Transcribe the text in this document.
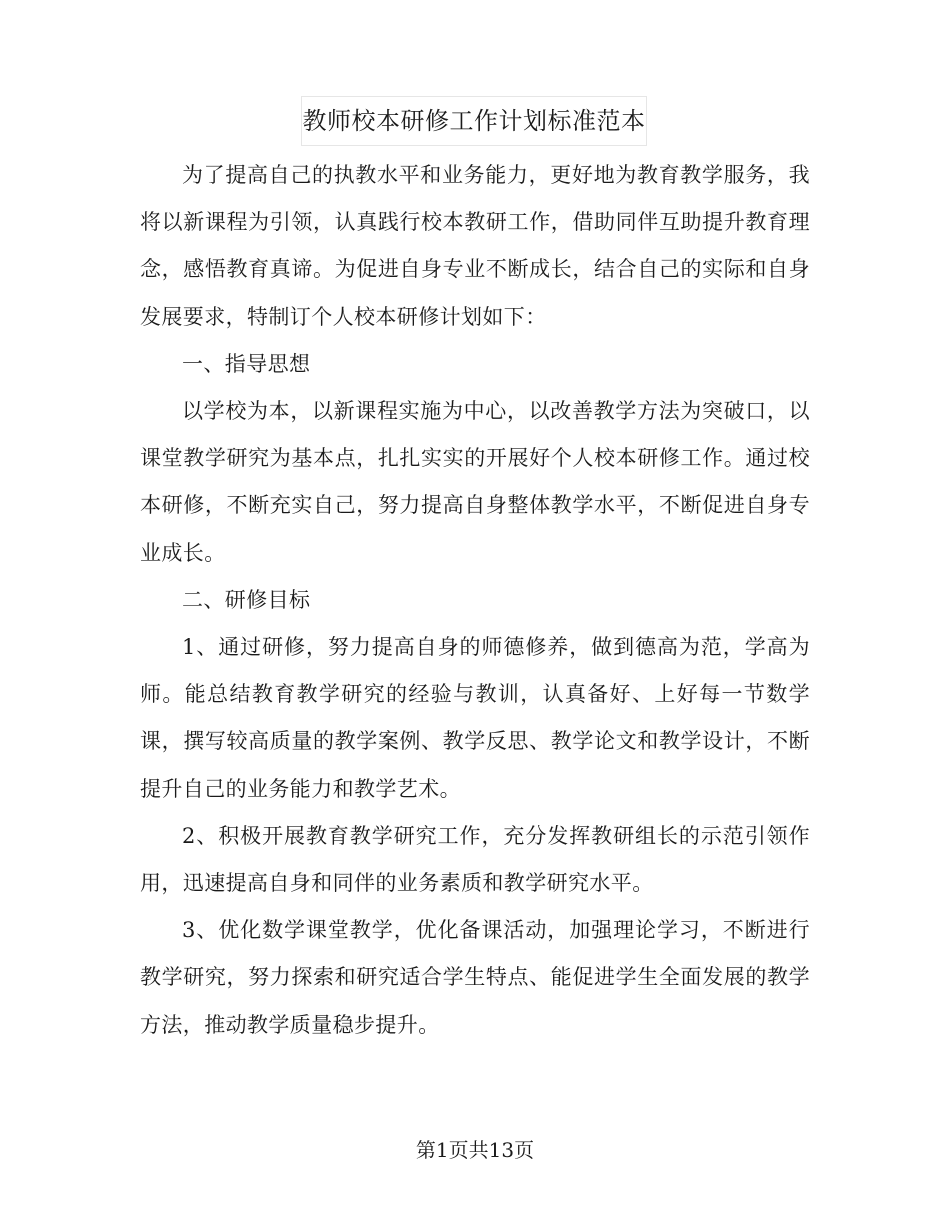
教师校本研修工作计划标准范本

为了提高自己的执教水平和业务能力，更好地为教育教学服务，我将以新课程为引领，认真践行校本教研工作，借助同伴互助提升教育理念，感悟教育真谛。为促进自身专业不断成长，结合自己的实际和自身发展要求，特制订个人校本研修计划如下：

一、指导思想

以学校为本，以新课程实施为中心，以改善教学方法为突破口，以课堂教学研究为基本点，扎扎实实的开展好个人校本研修工作。通过校本研修，不断充实自己，努力提高自身整体教学水平，不断促进自身专业成长。

二、研修目标

1、通过研修，努力提高自身的师德修养，做到德高为范，学高为师。能总结教育教学研究的经验与教训，认真备好、上好每一节数学课，撰写较高质量的教学案例、教学反思、教学论文和教学设计，不断提升自己的业务能力和教学艺术。

2、积极开展教育教学研究工作，充分发挥教研组长的示范引领作用，迅速提高自身和同伴的业务素质和教学研究水平。

3、优化数学课堂教学，优化备课活动，加强理论学习，不断进行教学研究，努力探索和研究适合学生特点、能促进学生全面发展的教学方法，推动教学质量稳步提升。

第1页共13页
